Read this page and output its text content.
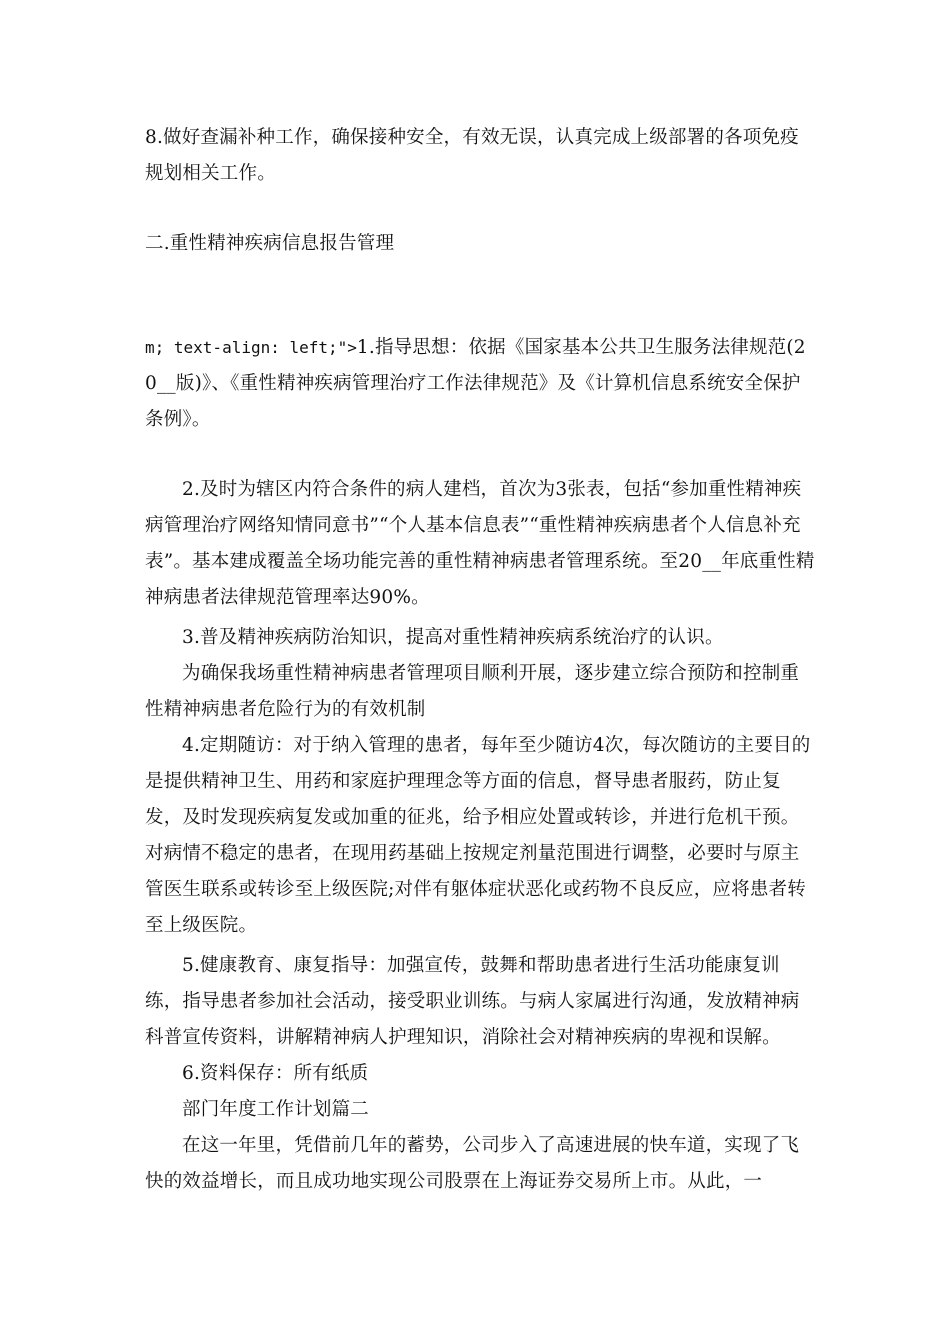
8.做好查漏补种工作，确保接种安全，有效无误，认真完成上级部署的各项免疫规划相关工作。

二.重性精神疾病信息报告管理

m; text-align: left;">1.指导思想：依据《国家基本公共卫生服务法律规范(20__版)》、《重性精神疾病管理治疗工作法律规范》及《计算机信息系统安全保护条例》。

2.及时为辖区内符合条件的病人建档，首次为3张表，包括“参加重性精神疾病管理治疗网络知情同意书”“个人基本信息表”“重性精神疾病患者个人信息补充表”。基本建成覆盖全场功能完善的重性精神病患者管理系统。至20__年底重性精神病患者法律规范管理率达90%。

3.普及精神疾病防治知识，提高对重性精神疾病系统治疗的认识。

为确保我场重性精神病患者管理项目顺利开展，逐步建立综合预防和控制重性精神病患者危险行为的有效机制

4.定期随访：对于纳入管理的患者，每年至少随访4次，每次随访的主要目的是提供精神卫生、用药和家庭护理理念等方面的信息，督导患者服药，防止复发，及时发现疾病复发或加重的征兆，给予相应处置或转诊，并进行危机干预。对病情不稳定的患者，在现用药基础上按规定剂量范围进行调整，必要时与原主管医生联系或转诊至上级医院;对伴有躯体症状恶化或药物不良反应，应将患者转至上级医院。

5.健康教育、康复指导：加强宣传，鼓舞和帮助患者进行生活功能康复训练，指导患者参加社会活动，接受职业训练。与病人家属进行沟通，发放精神病科普宣传资料，讲解精神病人护理知识，消除社会对精神疾病的卑视和误解。

6.资料保存：所有纸质

部门年度工作计划篇二

在这一年里，凭借前几年的蓄势，公司步入了高速进展的快车道，实现了飞快的效益增长，而且成功地实现公司股票在上海证券交易所上市。从此，一
